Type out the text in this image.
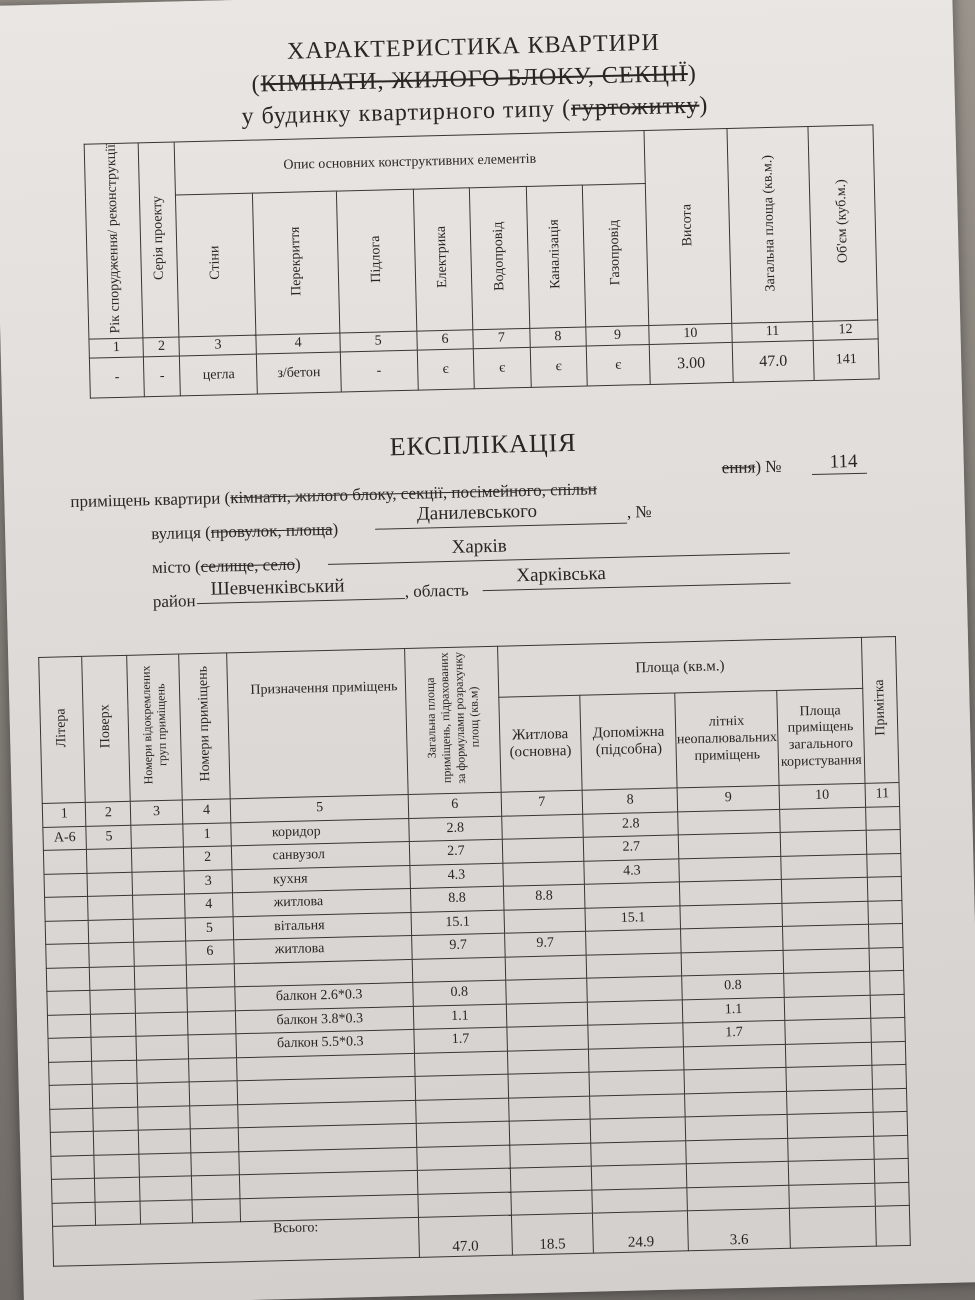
ХАРАКТЕРИСТИКА КВАРТИРИ
(КІМНАТИ, ЖИЛОГО БЛОКУ, СЕКЦІЇ)
у будинку квартирного типу (гуртожитку)
Рік спорудження/ реконструкції	Серія проекту	Опис основних конструктивних елементів							Висота	Загальна площа (кв.м.)	Об'єм (куб.м.)
		Стіни	Перекриття	Підлога	Електрика	Водопровід	Каналізація	Газопровід			
1	2	3	4	5	6	7	8	9	10	11	12
-	-	цегла	з/бетон	-	є	є	є	є	3.00	47.0	141
ЕКСПЛІКАЦІЯ
приміщень квартири (кімнати, жилого блоку, секції, посімейного, спільн
ення) №	114
вулиця (провулок, площа)
Данилевського	, №
місто (селище, село)
Харків
район
Шевченківський	, область
Харківська
Літера	Поверх	Номери відокремлених груп приміщень	Номери приміщень	Призначення приміщень	Загальна площа приміщень, підрахованих за формулами розрахунку площ (кв.м)	Площа (кв.м.)				Примітка
						Житлова (основна)	Допоміжна (підсобна)	літніх неопалювальних приміщень	Площа приміщень загального користування	
1	2	3	4	5	6	7	8	9	10	11
А-6	5		1	коридор	2.8		2.8			
			2	санвузол	2.7		2.7			
			3	кухня	4.3		4.3			
			4	житлова	8.8	8.8				
			5	вітальня	15.1		15.1			
			6	житлова	9.7	9.7				

				балкон 2.6*0.3	0.8			0.8		
				балкон 3.8*0.3	1.1			1.1		
				балкон 5.5*0.3	1.7			1.7		

Всього:					47.0	18.5	24.9	3.6		
